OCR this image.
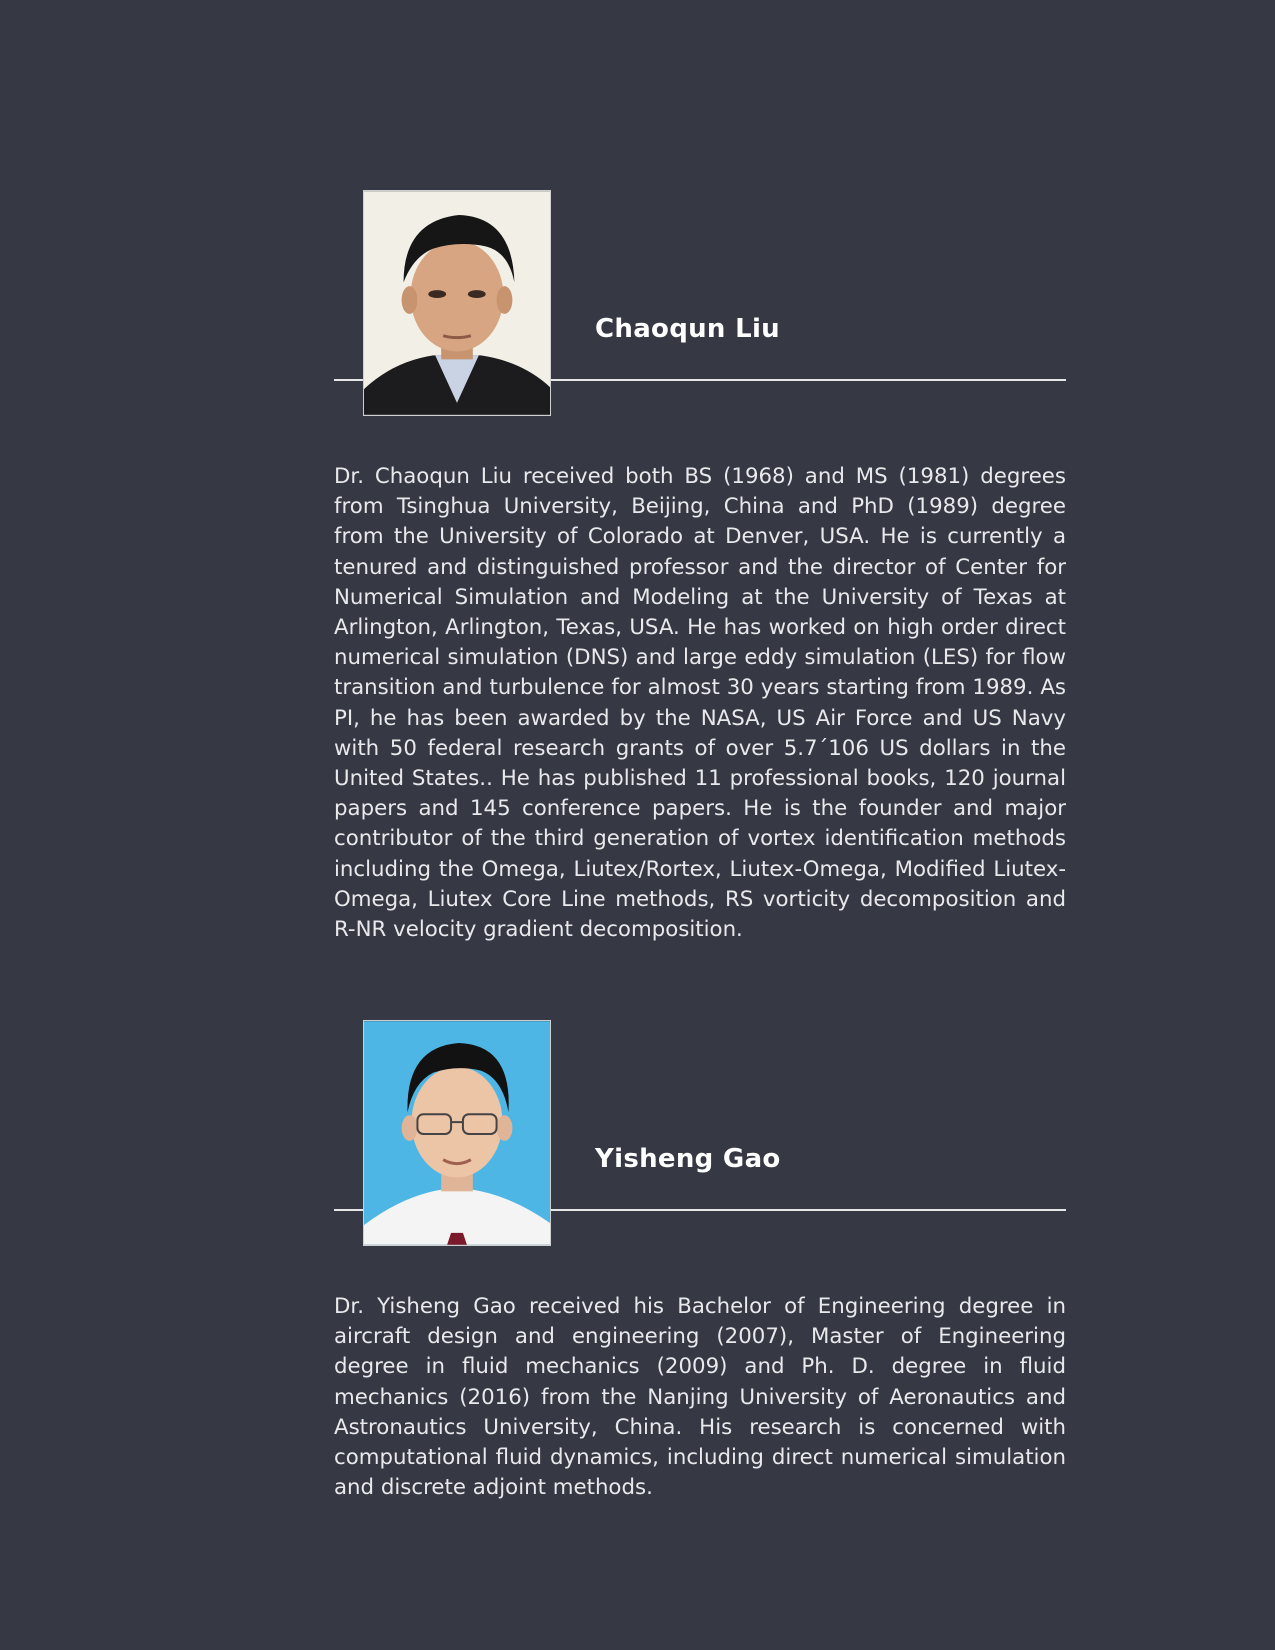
Chaoqun Liu

Dr. Chaoqun Liu received both BS (1968) and MS (1981) degrees from Tsinghua University, Beijing, China and PhD (1989) degree from the University of Colorado at Denver, USA. He is currently a tenured and distinguished professor and the director of Center for Numerical Simulation and Modeling at the University of Texas at Arlington, Arlington, Texas, USA. He has worked on high order direct numerical simulation (DNS) and large eddy simulation (LES) for flow transition and turbulence for almost 30 years starting from 1989. As PI, he has been awarded by the NASA, US Air Force and US Navy with 50 federal research grants of over 5.7´106 US dollars in the United States.. He has published 11 professional books, 120 journal papers and 145 conference papers. He is the founder and major contributor of the third generation of vortex identification methods including the Omega, Liutex/Rortex, Liutex-Omega, Modified Liutex-Omega, Liutex Core Line methods, RS vorticity decomposition and R-NR velocity gradient decomposition.

Yisheng Gao

Dr. Yisheng Gao received his Bachelor of Engineering degree in aircraft design and engineering (2007), Master of Engineering degree in fluid mechanics (2009) and Ph. D. degree in fluid mechanics (2016) from the Nanjing University of Aeronautics and Astronautics University, China. His research is concerned with computational fluid dynamics, including direct numerical simulation and discrete adjoint methods.
